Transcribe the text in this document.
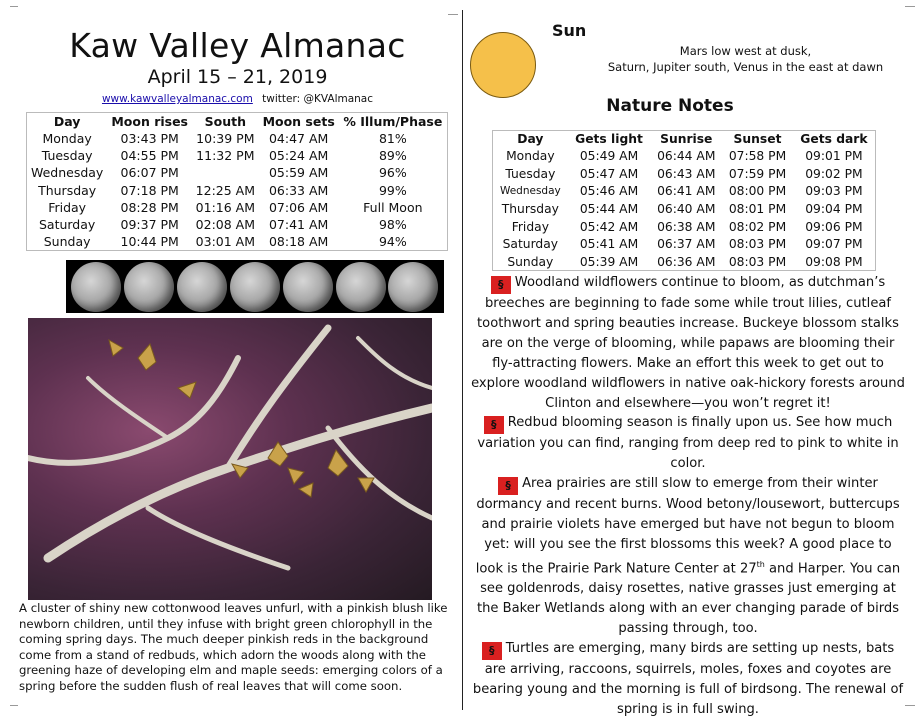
Kaw Valley Almanac
April 15 – 21, 2019
www.kawvalleyalmanac.com twitter: @KVAlmanac
Day	Moon rises	South	Moon sets	% Illum/Phase
Monday	03:43 PM	10:39 PM	04:47 AM	81%
Tuesday	04:55 PM	11:32 PM	05:24 AM	89%
Wednesday	06:07 PM		05:59 AM	96%
Thursday	07:18 PM	12:25 AM	06:33 AM	99%
Friday	08:28 PM	01:16 AM	07:06 AM	Full Moon
Saturday	09:37 PM	02:08 AM	07:41 AM	98%
Sunday	10:44 PM	03:01 AM	08:18 AM	94%
A cluster of shiny new cottonwood leaves unfurl, with a pinkish blush like newborn children, until they infuse with bright green chlorophyll in the coming spring days. The much deeper pinkish reds in the background come from a stand of redbuds, which adorn the woods along with the greening haze of developing elm and maple seeds: emerging colors of a spring before the sudden flush of real leaves that will come soon.
Sun
Mars low west at dusk,
Saturn, Jupiter south, Venus in the east at dawn
Nature Notes
Day	Gets light	Sunrise	Sunset	Gets dark
Monday	05:49 AM	06:44 AM	07:58 PM	09:01 PM
Tuesday	05:47 AM	06:43 AM	07:59 PM	09:02 PM
Wednesday	05:46 AM	06:41 AM	08:00 PM	09:03 PM
Thursday	05:44 AM	06:40 AM	08:01 PM	09:04 PM
Friday	05:42 AM	06:38 AM	08:02 PM	09:06 PM
Saturday	05:41 AM	06:37 AM	08:03 PM	09:07 PM
Sunday	05:39 AM	06:36 AM	08:03 PM	09:08 PM

§ Woodland wildflowers continue to bloom, as dutchman’s breeches are beginning to fade some while trout lilies, cutleaf toothwort and spring beauties increase. Buckeye blossom stalks are on the verge of blooming, while papaws are blooming their fly-attracting flowers. Make an effort this week to get out to explore woodland wildflowers in native oak-hickory forests around Clinton and elsewhere—you won’t regret it!

§ Redbud blooming season is finally upon us. See how much variation you can find, ranging from deep red to pink to white in color.

§ Area prairies are still slow to emerge from their winter dormancy and recent burns. Wood betony/lousewort, buttercups and prairie violets have emerged but have not begun to bloom yet: will you see the first blossoms this week? A good place to look is the Prairie Park Nature Center at 27th and Harper. You can see goldenrods, daisy rosettes, native grasses just emerging at the Baker Wetlands along with an ever changing parade of birds passing through, too.

§ Turtles are emerging, many birds are setting up nests, bats are arriving, raccoons, squirrels, moles, foxes and coyotes are bearing young and the morning is full of birdsong. The renewal of spring is in full swing.
